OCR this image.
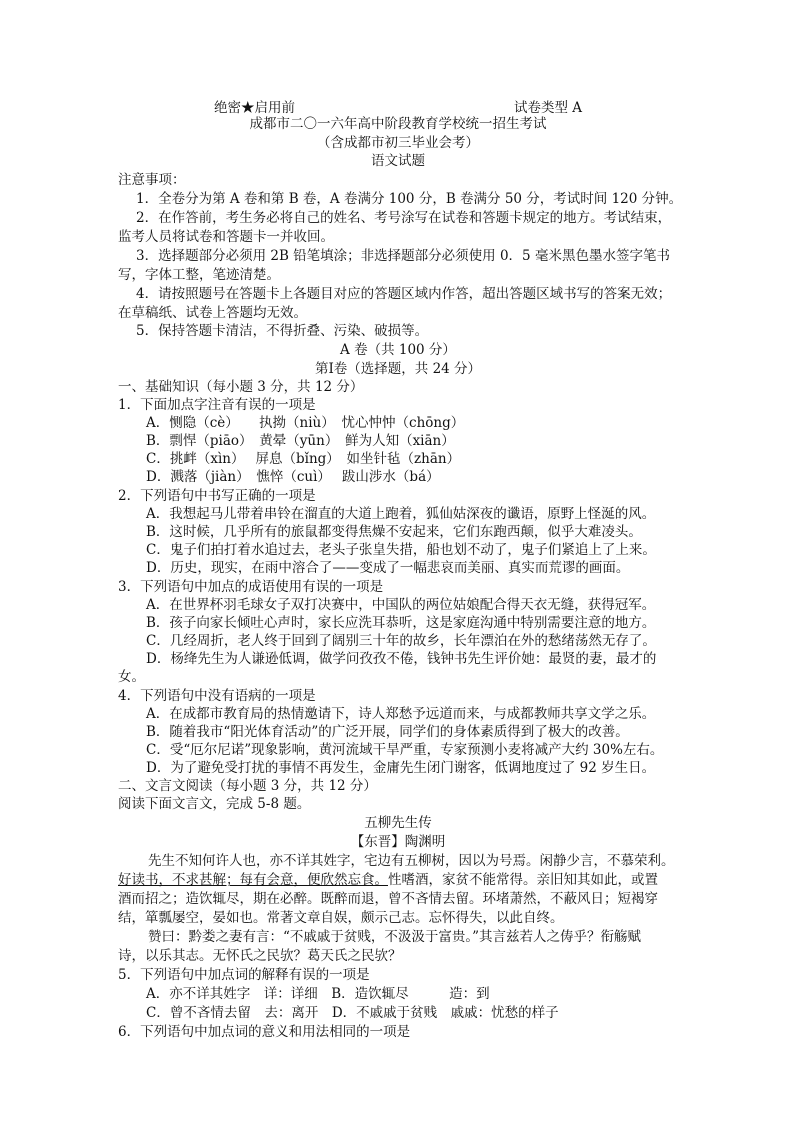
绝密★启用前	试卷类型 A
成都市二〇一六年高中阶段教育学校统一招生考试
（含成都市初三毕业会考）
语文试题
注意事项：
1．全卷分为第 A 卷和第 B 卷，A 卷满分 100 分，B 卷满分 50 分，考试时间 120 分钟。
2．在作答前，考生务必将自己的姓名、考号涂写在试卷和答题卡规定的地方。考试结束，
监考人员将试卷和答题卡一并收回。
3．选择题部分必须用 2B 铅笔填涂；非选择题部分必须使用 0．5 毫米黑色墨水签字笔书
写，字体工整，笔迹清楚。
4．请按照题号在答题卡上各题目对应的答题区域内作答，超出答题区域书写的答案无效；
在草稿纸、试卷上答题均无效。
5．保持答题卡清洁，不得折叠、污染、破损等。
A 卷（共 100 分）
第Ⅰ卷（选择题，共 24 分）
一、基础知识（每小题 3 分，共 12 分）
1．下面加点字注音有误的一项是
A．恻隐（cè）　　执拗（niù）　忧心忡忡（chōng）
B．剽悍（piāo）　黄晕（yūn）　鲜为人知（xiān）
C．挑衅（xìn）　 屏息（bǐng）　如坐针毡（zhān）
D．溅落（jiàn）　憔悴（cuì）　 跋山涉水（bá）
2．下列语句中书写正确的一项是
A．我想起马儿带着串铃在溜直的大道上跑着，狐仙姑深夜的谶语，原野上怪涎的风。
B．这时候，几乎所有的旅鼠都变得焦燥不安起来，它们东跑西颠，似乎大难凌头。
C．鬼子们拍打着水追过去，老头子张皇失措，船也划不动了，鬼子们紧追上了上来。
D．历史，现实，在雨中溶合了——变成了一幅悲哀而美丽、真实而荒谬的画面。
3．下列语句中加点的成语使用有误的一项是
A．在世界杯羽毛球女子双打决赛中，中国队的两位姑娘配合得天衣无缝，获得冠军。
B．孩子向家长倾吐心声时，家长应洗耳恭听，这是家庭沟通中特别需要注意的地方。
C．几经周折，老人终于回到了阔别三十年的故乡，长年漂泊在外的愁绪荡然无存了。
D．杨绛先生为人谦逊低调，做学问孜孜不倦，钱钟书先生评价她：最贤的妻，最才的
女。
4．下列语句中没有语病的一项是
A．在成都市教育局的热情邀请下，诗人郑愁予远道而来，与成都教师共享文学之乐。
B．随着我市“阳光体育活动”的广泛开展，同学们的身体素质得到了极大的改善。
C．受“厄尔尼诺”现象影响，黄河流域干旱严重，专家预测小麦将减产大约 30%左右。
D．为了避免受打扰的事情不再发生，金庸先生闭门谢客，低调地度过了 92 岁生日。
二、文言文阅读（每小题 3 分，共 12 分）
阅读下面文言文，完成 5-8 题。
五柳先生传
【东晋】陶渊明
先生不知何许人也，亦不详其姓字，宅边有五柳树，因以为号焉。闲静少言，不慕荣利。
好读书，不求甚解；每有会意，便欣然忘食。性嗜酒，家贫不能常得。亲旧知其如此，或置
酒而招之；造饮辄尽，期在必醉。既醉而退，曾不吝情去留。环堵萧然，不蔽风日；短褐穿
结，箪瓢屡空，晏如也。常著文章自娱，颇示己志。忘怀得失，以此自终。
赞曰：黔娄之妻有言：“不戚戚于贫贱，不汲汲于富贵。”其言兹若人之俦乎？衔觞赋
诗，以乐其志。无怀氏之民欤？葛天氏之民欤？
5．下列语句中加点词的解释有误的一项是
A．亦不详其姓字　详：详细　B．造饮辄尽　　　造：到
C．曾不吝情去留　去：离开　D．不戚戚于贫贱　戚戚：忧愁的样子
6．下列语句中加点词的意义和用法相同的一项是
